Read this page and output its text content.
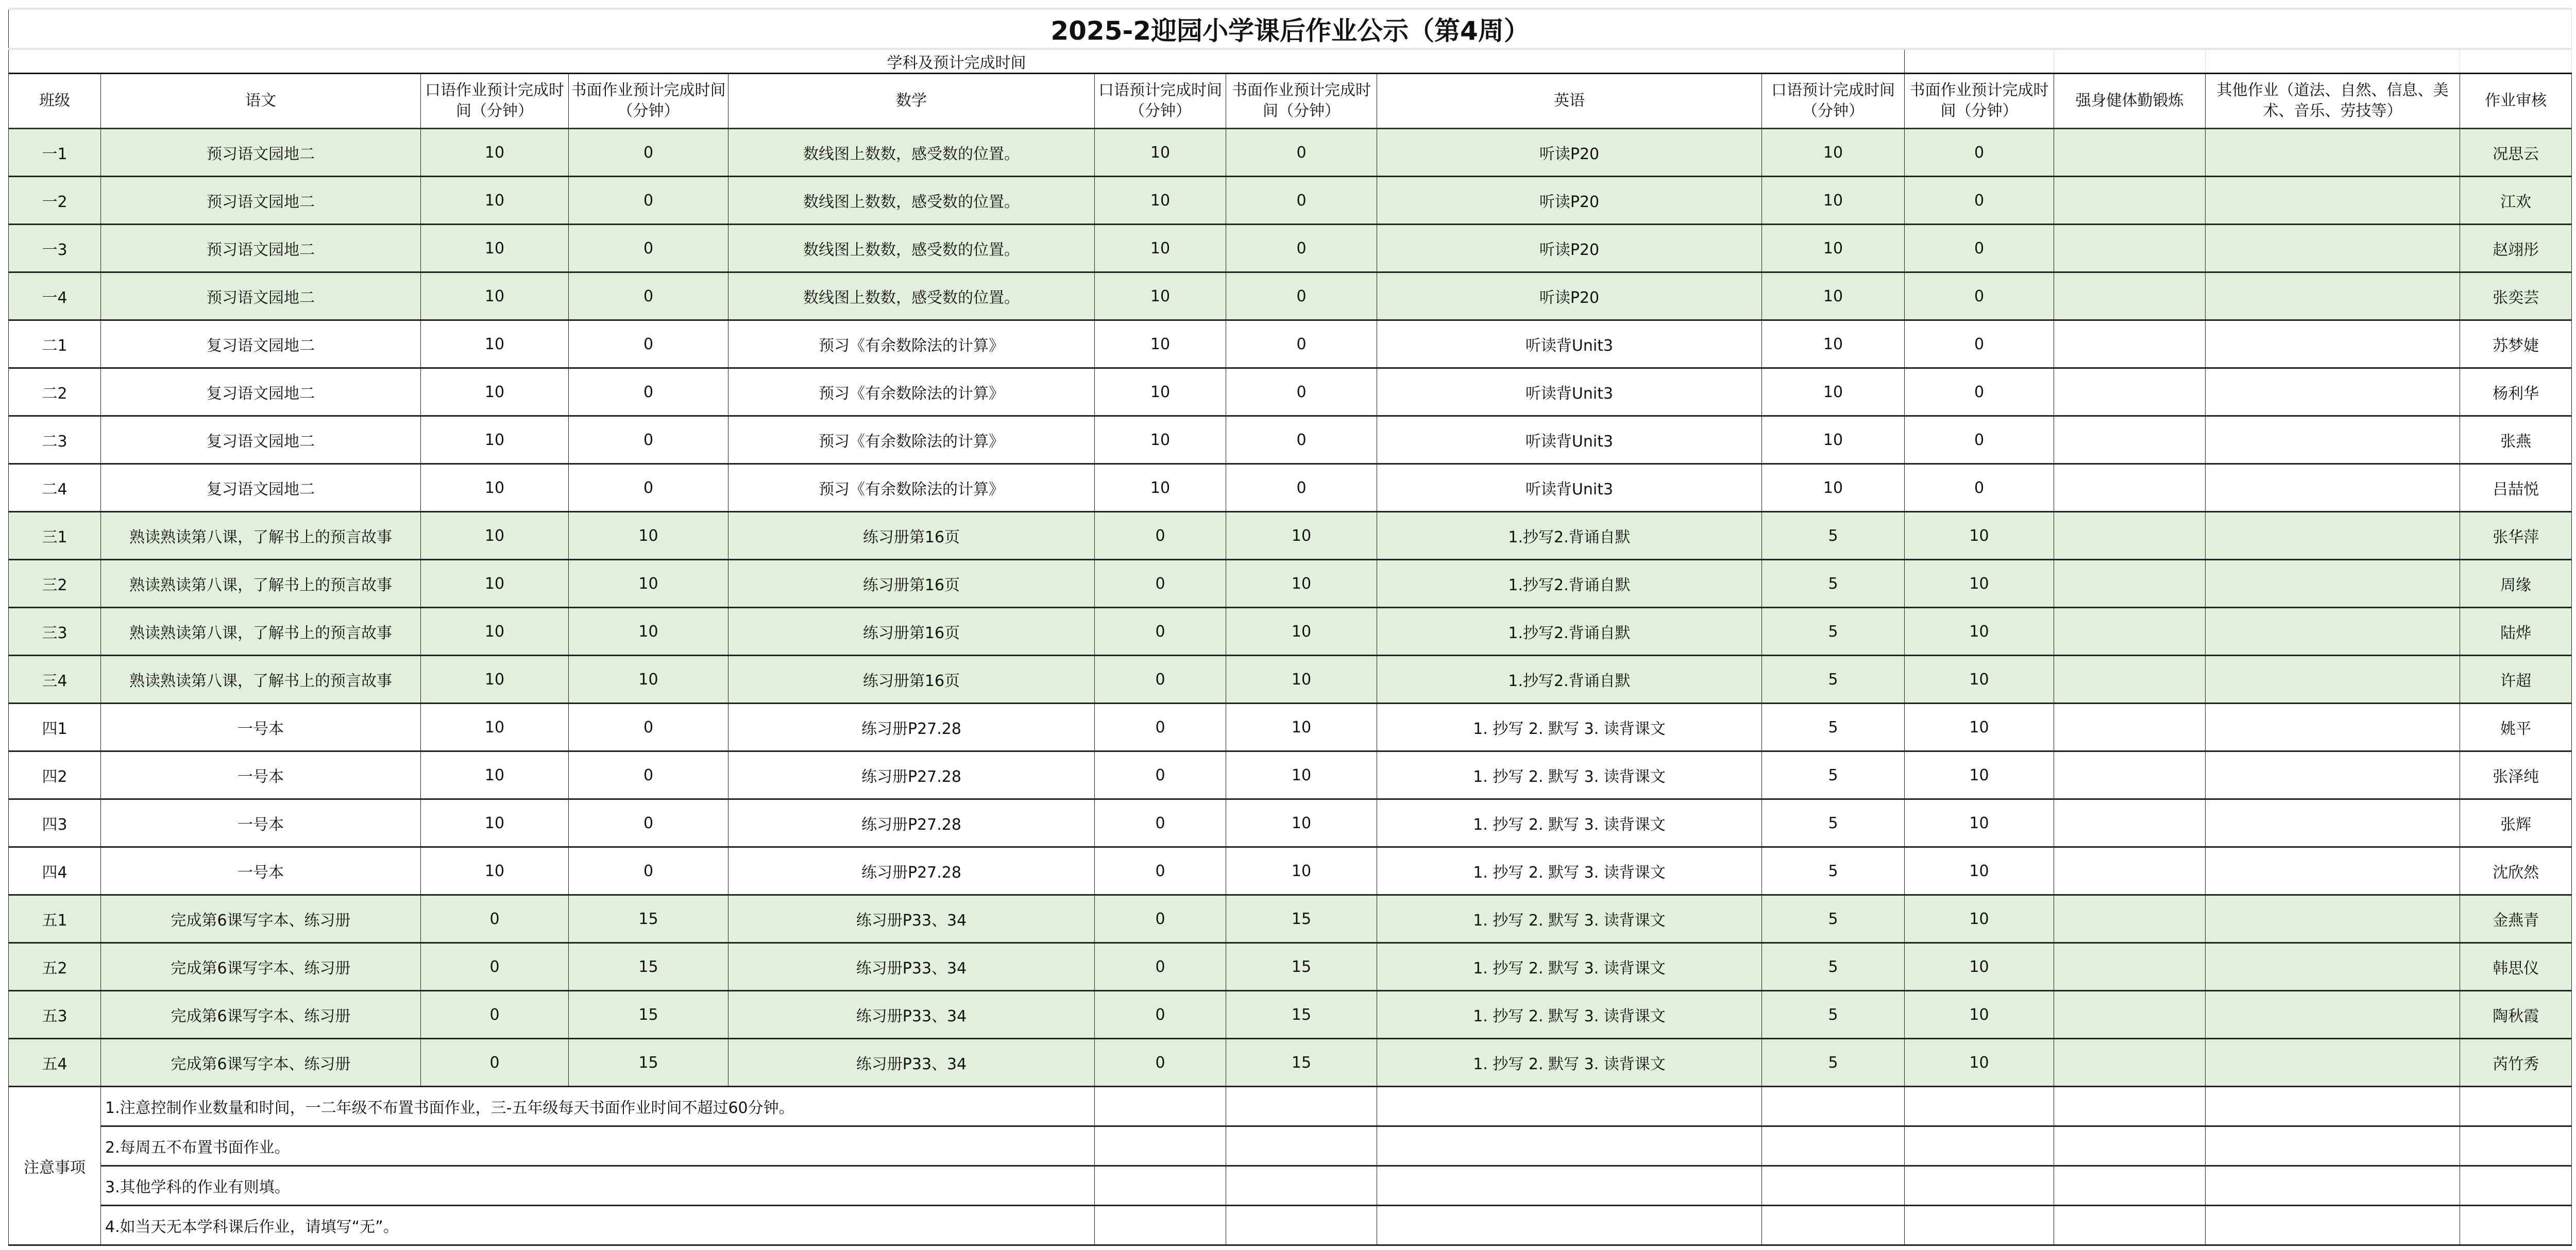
2025-2迎园小学课后作业公示（第4周）												
学科及预计完成时间												
班级	语文	口语作业预计完成时间（分钟）	书面作业预计完成时间（分钟）	数学	口语预计完成时间（分钟）	书面作业预计完成时间（分钟）	英语	口语预计完成时间（分钟）	书面作业预计完成时间（分钟）	强身健体勤锻炼	其他作业（道法、自然、信息、美术、音乐、劳技等）	作业审核
一1	预习语文园地二	10	0	数线图上数数，感受数的位置。	10	0	听读P20	10	0			况思云
一2	预习语文园地二	10	0	数线图上数数，感受数的位置。	10	0	听读P20	10	0			江欢
一3	预习语文园地二	10	0	数线图上数数，感受数的位置。	10	0	听读P20	10	0			赵翊彤
一4	预习语文园地二	10	0	数线图上数数，感受数的位置。	10	0	听读P20	10	0			张奕芸
二1	复习语文园地二	10	0	预习《有余数除法的计算》	10	0	听读背Unit3	10	0			苏梦婕
二2	复习语文园地二	10	0	预习《有余数除法的计算》	10	0	听读背Unit3	10	0			杨利华
二3	复习语文园地二	10	0	预习《有余数除法的计算》	10	0	听读背Unit3	10	0			张燕
二4	复习语文园地二	10	0	预习《有余数除法的计算》	10	0	听读背Unit3	10	0			吕喆悦
三1	熟读熟读第八课，了解书上的预言故事	10	10	练习册第16页	0	10	1.抄写2.背诵自默	5	10			张华萍
三2	熟读熟读第八课，了解书上的预言故事	10	10	练习册第16页	0	10	1.抄写2.背诵自默	5	10			周缘
三3	熟读熟读第八课，了解书上的预言故事	10	10	练习册第16页	0	10	1.抄写2.背诵自默	5	10			陆烨
三4	熟读熟读第八课，了解书上的预言故事	10	10	练习册第16页	0	10	1.抄写2.背诵自默	5	10			许超
四1	一号本	10	0	练习册P27.28	0	10	1. 抄写 2. 默写 3. 读背课文	5	10			姚平
四2	一号本	10	0	练习册P27.28	0	10	1. 抄写 2. 默写 3. 读背课文	5	10			张泽纯
四3	一号本	10	0	练习册P27.28	0	10	1. 抄写 2. 默写 3. 读背课文	5	10			张辉
四4	一号本	10	0	练习册P27.28	0	10	1. 抄写 2. 默写 3. 读背课文	5	10			沈欣然
五1	完成第6课写字本、练习册	0	15	练习册P33、34	0	15	1. 抄写 2. 默写 3. 读背课文	5	10			金燕青
五2	完成第6课写字本、练习册	0	15	练习册P33、34	0	15	1. 抄写 2. 默写 3. 读背课文	5	10			韩思仪
五3	完成第6课写字本、练习册	0	15	练习册P33、34	0	15	1. 抄写 2. 默写 3. 读背课文	5	10			陶秋霞
五4	完成第6课写字本、练习册	0	15	练习册P33、34	0	15	1. 抄写 2. 默写 3. 读背课文	5	10			芮竹秀
注意事项	1.注意控制作业数量和时间，一二年级不布置书面作业，三-五年级每天书面作业时间不超过60分钟。											
	2.每周五不布置书面作业。											
	3.其他学科的作业有则填。											
	4.如当天无本学科课后作业，请填写“无”。											
